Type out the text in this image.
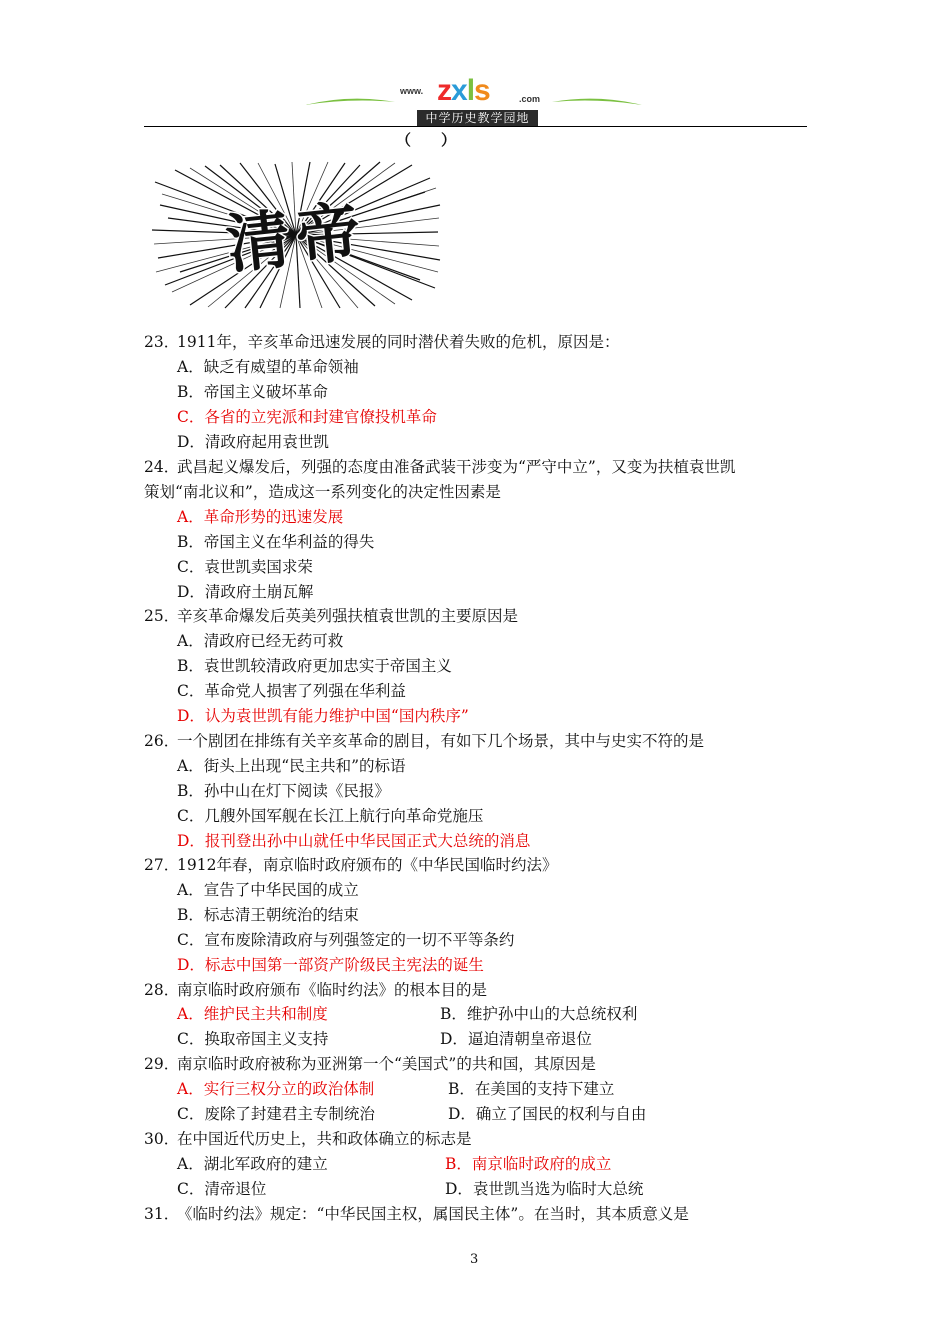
www. zxls	.com
中学历史教学园地
（　　）
清帝
23．1911年，辛亥革命迅速发展的同时潜伏着失败的危机，原因是：
A．缺乏有威望的革命领袖
B．帝国主义破坏革命
C．各省的立宪派和封建官僚投机革命
D．清政府起用袁世凯
24．武昌起义爆发后，列强的态度由准备武装干涉变为“严守中立”，又变为扶植袁世凯
策划“南北议和”，造成这一系列变化的决定性因素是
A．革命形势的迅速发展
B．帝国主义在华利益的得失
C．袁世凯卖国求荣
D．清政府土崩瓦解
25．辛亥革命爆发后英美列强扶植袁世凯的主要原因是
A．清政府已经无药可救
B．袁世凯较清政府更加忠实于帝国主义
C．革命党人损害了列强在华利益
D．认为袁世凯有能力维护中国“国内秩序”
26．一个剧团在排练有关辛亥革命的剧目，有如下几个场景，其中与史实不符的是
A．街头上出现“民主共和”的标语
B．孙中山在灯下阅读《民报》
C．几艘外国军舰在长江上航行向革命党施压
D．报刊登出孙中山就任中华民国正式大总统的消息
27．1912年春，南京临时政府颁布的《中华民国临时约法》
A．宣告了中华民国的成立
B．标志清王朝统治的结束
C．宣布废除清政府与列强签定的一切不平等条约
D．标志中国第一部资产阶级民主宪法的诞生
28．南京临时政府颁布《临时约法》的根本目的是
A．维护民主共和制度	B．维护孙中山的大总统权利
C．换取帝国主义支持	D．逼迫清朝皇帝退位
29．南京临时政府被称为亚洲第一个“美国式”的共和国，其原因是
A．实行三权分立的政治体制	B．在美国的支持下建立
C．废除了封建君主专制统治	D．确立了国民的权利与自由
30．在中国近代历史上，共和政体确立的标志是
A．湖北军政府的建立	B．南京临时政府的成立
C．清帝退位	D．袁世凯当选为临时大总统
31．《临时约法》规定：“中华民国主权，属国民主体”。在当时，其本质意义是
3
